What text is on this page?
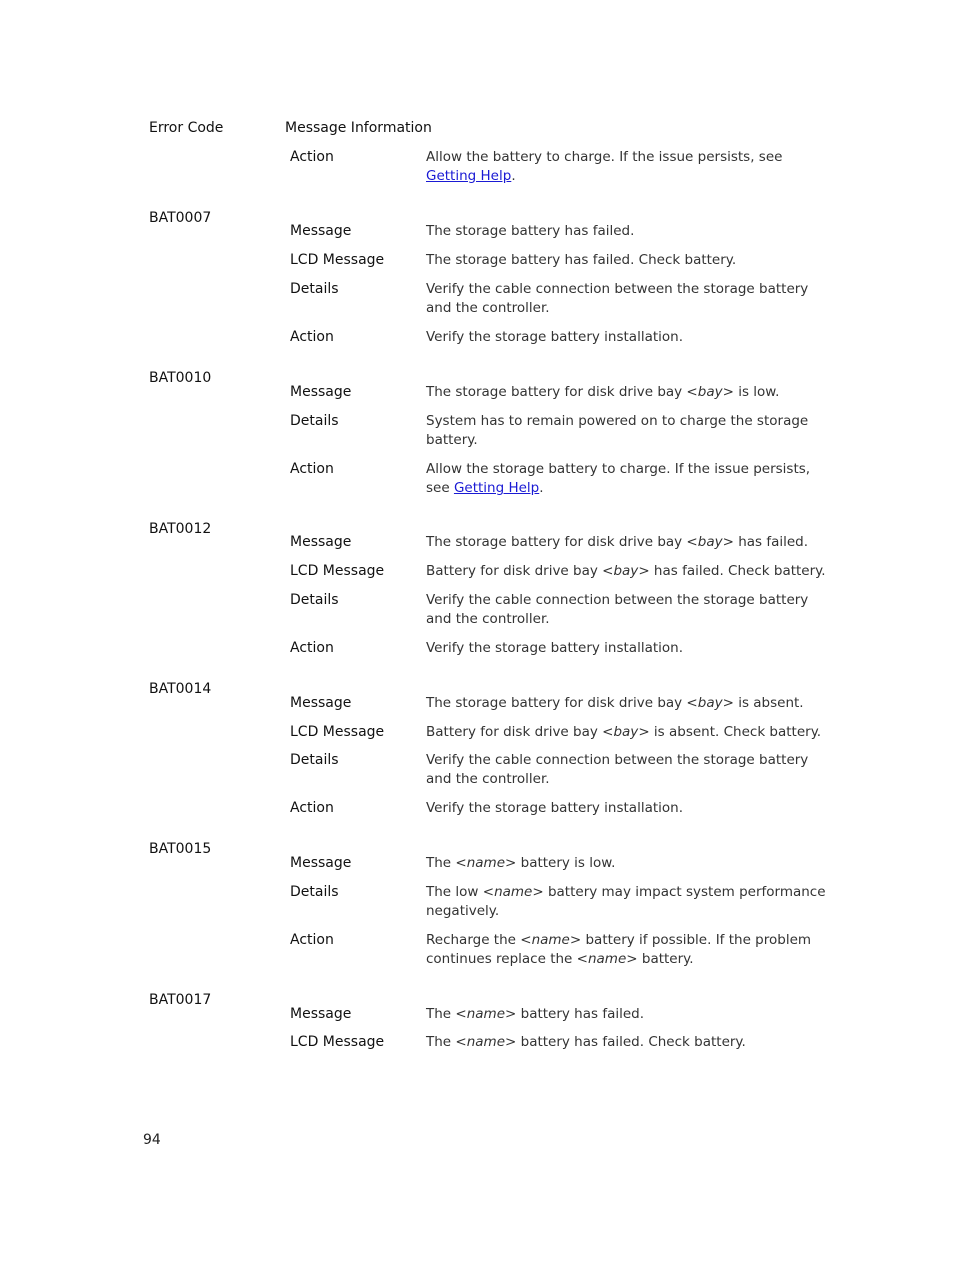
Error Code	Message Information
Action	Allow the battery to charge. If the issue persists, see Getting Help.
BAT0007
Message	The storage battery has failed.
LCD Message	The storage battery has failed. Check battery.
Details	Verify the cable connection between the storage battery and the controller.
Action	Verify the storage battery installation.
BAT0010
Message	The storage battery for disk drive bay <bay> is low.
Details	System has to remain powered on to charge the storage battery.
Action	Allow the storage battery to charge. If the issue persists, see Getting Help.
BAT0012
Message	The storage battery for disk drive bay <bay> has failed.
LCD Message	Battery for disk drive bay <bay> has failed. Check battery.
Details	Verify the cable connection between the storage battery and the controller.
Action	Verify the storage battery installation.
BAT0014
Message	The storage battery for disk drive bay <bay> is absent.
LCD Message	Battery for disk drive bay <bay> is absent. Check battery.
Details	Verify the cable connection between the storage battery and the controller.
Action	Verify the storage battery installation.
BAT0015
Message	The <name> battery is low.
Details	The low <name> battery may impact system performance negatively.
Action	Recharge the <name> battery if possible. If the problem continues replace the <name> battery.
BAT0017
Message	The <name> battery has failed.
LCD Message	The <name> battery has failed. Check battery.
94
